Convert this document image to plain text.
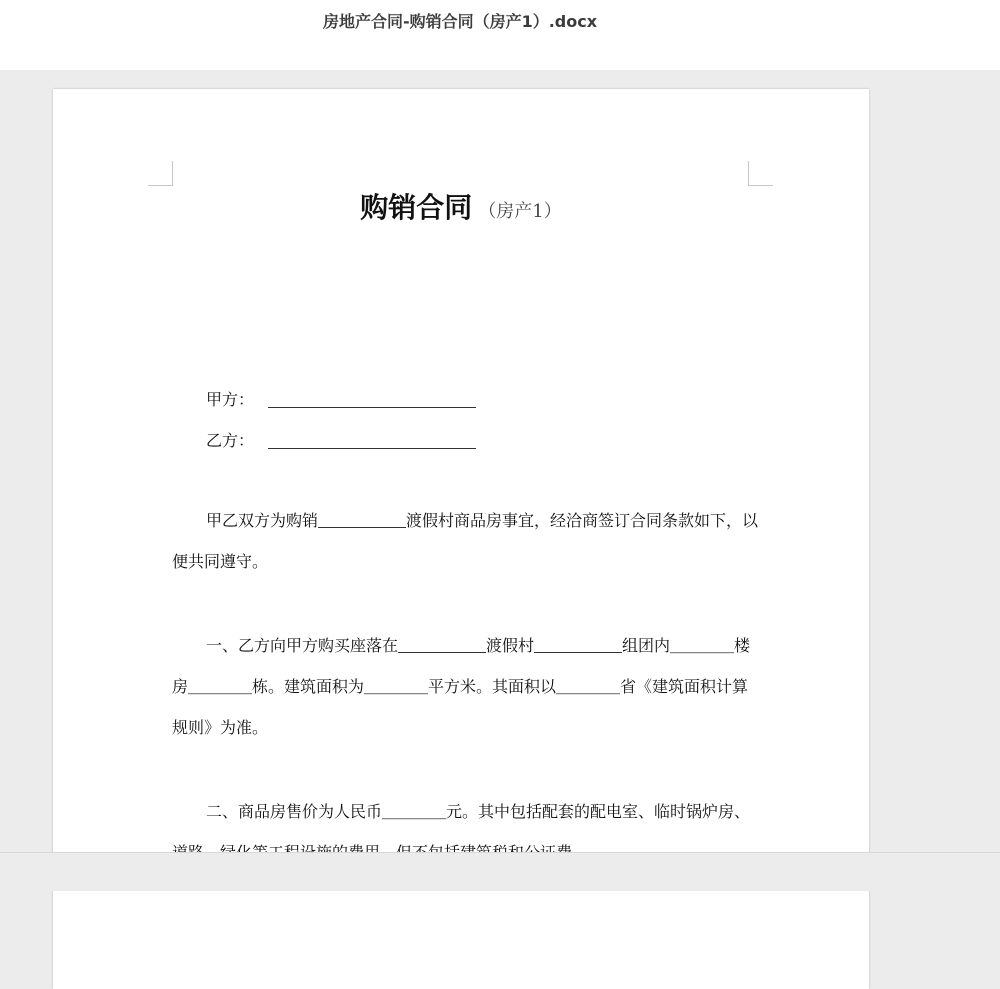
房地产合同-购销合同（房产1）.docx
购销合同 （房产1）
甲方：
乙方：
甲乙双方为购销	渡假村商品房事宜，经洽商签订合同条款如下，以
便共同遵守。
一、乙方向甲方购买座落在	渡假村	组团内＿＿＿＿楼
房＿＿＿＿栋。建筑面积为＿＿＿＿平方米。其面积以＿＿＿＿省《建筑面积计算
规则》为准。
二、商品房售价为人民币＿＿＿＿元。其中包括配套的配电室、临时锅炉房、
